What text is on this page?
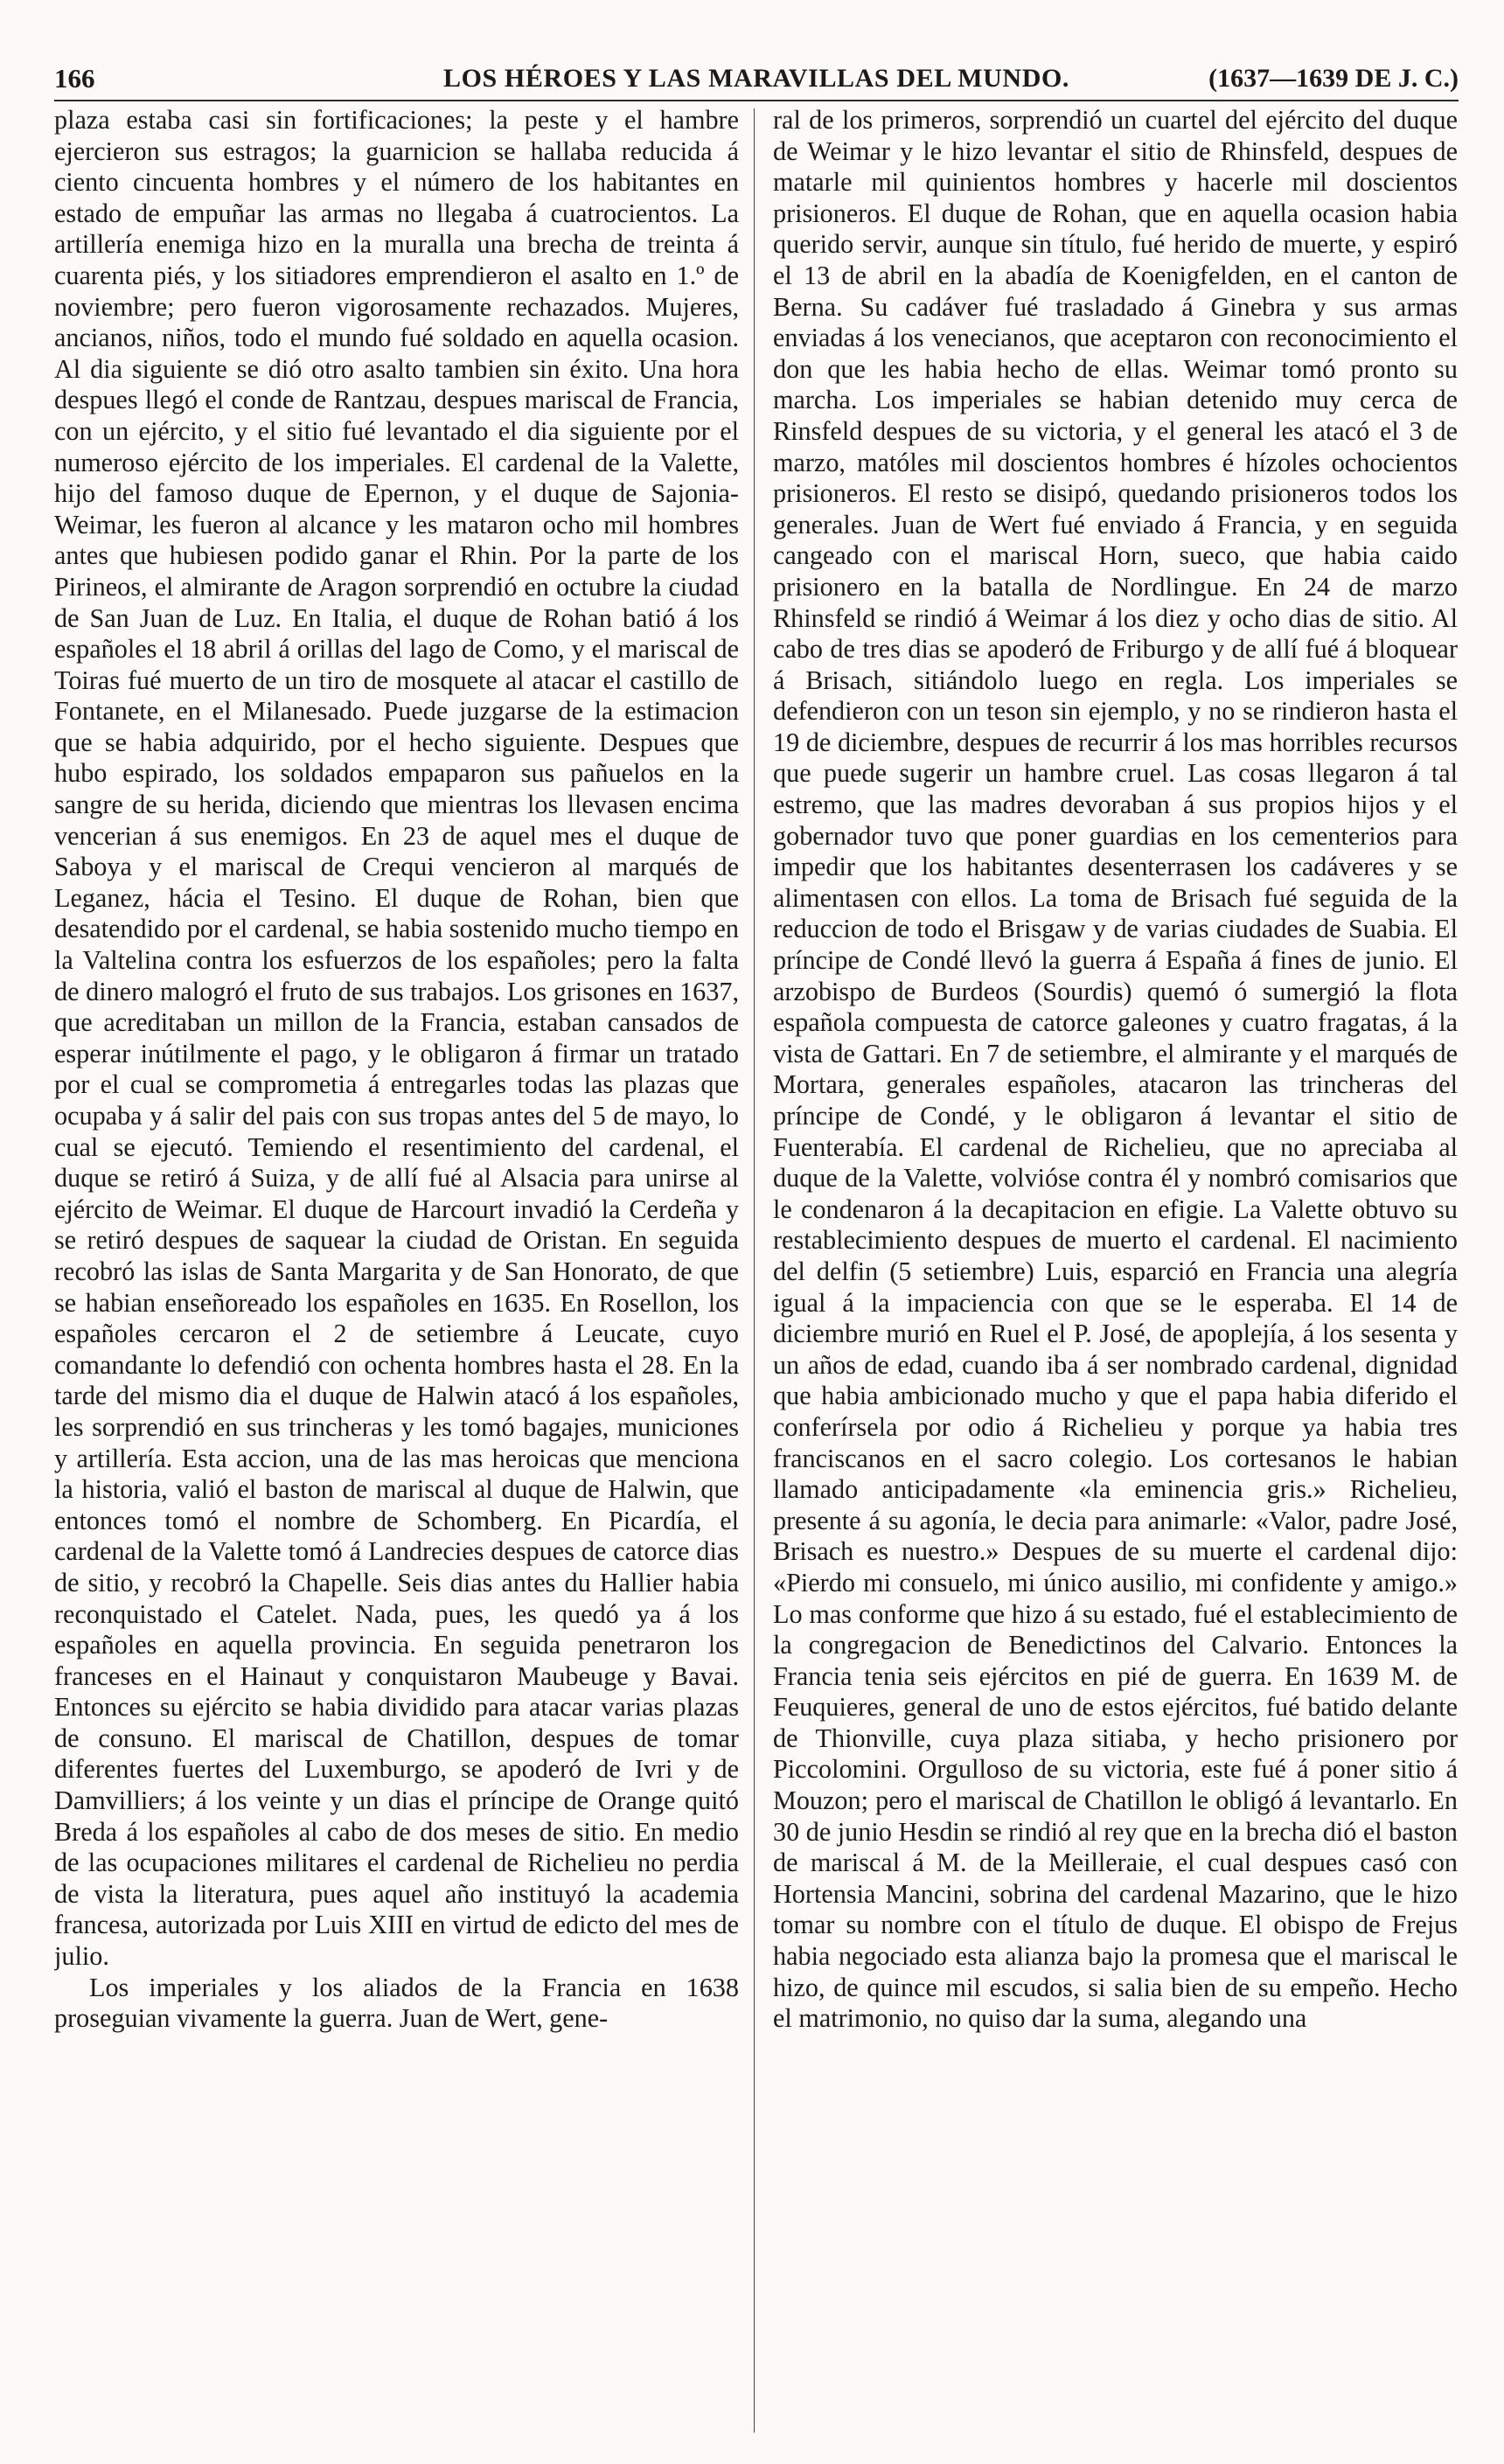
166	LOS HÉROES Y LAS MARAVILLAS DEL MUNDO.	(1637—1639 DE J. C.)

plaza estaba casi sin fortificaciones; la peste y el hambre ejercieron sus estragos; la guarnicion se hallaba reducida á ciento cincuenta hombres y el número de los habitantes en estado de empuñar las armas no llegaba á cuatrocientos. La artillería enemiga hizo en la muralla una brecha de treinta á cuarenta piés, y los sitiadores emprendieron el asalto en 1.º de noviembre; pero fueron vigorosamente rechazados. Mujeres, ancianos, niños, todo el mundo fué soldado en aquella ocasion. Al dia siguiente se dió otro asalto tambien sin éxito. Una hora despues llegó el conde de Rantzau, despues mariscal de Francia, con un ejército, y el sitio fué levantado el dia siguiente por el numeroso ejército de los imperiales. El cardenal de la Valette, hijo del famoso duque de Epernon, y el duque de Sajonia-Weimar, les fueron al alcance y les mataron ocho mil hombres antes que hubiesen podido ganar el Rhin. Por la parte de los Pirineos, el almirante de Aragon sorprendió en octubre la ciudad de San Juan de Luz. En Italia, el duque de Rohan batió á los españoles el 18 abril á orillas del lago de Como, y el mariscal de Toiras fué muerto de un tiro de mosquete al atacar el castillo de Fontanete, en el Milanesado. Puede juzgarse de la estimacion que se habia adquirido, por el hecho siguiente. Despues que hubo espirado, los soldados empaparon sus pañuelos en la sangre de su herida, diciendo que mientras los llevasen encima vencerian á sus enemigos. En 23 de aquel mes el duque de Saboya y el mariscal de Crequi vencieron al marqués de Leganez, hácia el Tesino. El duque de Rohan, bien que desatendido por el cardenal, se habia sostenido mucho tiempo en la Valtelina contra los esfuerzos de los españoles; pero la falta de dinero malogró el fruto de sus trabajos. Los grisones en 1637, que acreditaban un millon de la Francia, estaban cansados de esperar inútilmente el pago, y le obligaron á firmar un tratado por el cual se comprometia á entregarles todas las plazas que ocupaba y á salir del pais con sus tropas antes del 5 de mayo, lo cual se ejecutó. Temiendo el resentimiento del cardenal, el duque se retiró á Suiza, y de allí fué al Alsacia para unirse al ejército de Weimar. El duque de Harcourt invadió la Cerdeña y se retiró despues de saquear la ciudad de Oristan. En seguida recobró las islas de Santa Margarita y de San Honorato, de que se habian enseñoreado los españoles en 1635. En Rosellon, los españoles cercaron el 2 de setiembre á Leucate, cuyo comandante lo defendió con ochenta hombres hasta el 28. En la tarde del mismo dia el duque de Halwin atacó á los españoles, les sorprendió en sus trincheras y les tomó bagajes, municiones y artillería. Esta accion, una de las mas heroicas que menciona la historia, valió el baston de mariscal al duque de Halwin, que entonces tomó el nombre de Schomberg. En Picardía, el cardenal de la Valette tomó á Landrecies despues de catorce dias de sitio, y recobró la Chapelle. Seis dias antes du Hallier habia reconquistado el Catelet. Nada, pues, les quedó ya á los españoles en aquella provincia. En seguida penetraron los franceses en el Hainaut y conquistaron Maubeuge y Bavai. Entonces su ejército se habia dividido para atacar varias plazas de consuno. El mariscal de Chatillon, despues de tomar diferentes fuertes del Luxemburgo, se apoderó de Ivri y de Damvilliers; á los veinte y un dias el príncipe de Orange quitó Breda á los españoles al cabo de dos meses de sitio. En medio de las ocupaciones militares el cardenal de Richelieu no perdia de vista la literatura, pues aquel año instituyó la academia francesa, autorizada por Luis XIII en virtud de edicto del mes de julio.

Los imperiales y los aliados de la Francia en 1638 proseguian vivamente la guerra. Juan de Wert, gene-

ral de los primeros, sorprendió un cuartel del ejército del duque de Weimar y le hizo levantar el sitio de Rhinsfeld, despues de matarle mil quinientos hombres y hacerle mil doscientos prisioneros. El duque de Rohan, que en aquella ocasion habia querido servir, aunque sin título, fué herido de muerte, y espiró el 13 de abril en la abadía de Koenigfelden, en el canton de Berna. Su cadáver fué trasladado á Ginebra y sus armas enviadas á los venecianos, que aceptaron con reconocimiento el don que les habia hecho de ellas. Weimar tomó pronto su marcha. Los imperiales se habian detenido muy cerca de Rinsfeld despues de su victoria, y el general les atacó el 3 de marzo, matóles mil doscientos hombres é hízoles ochocientos prisioneros. El resto se disipó, quedando prisioneros todos los generales. Juan de Wert fué enviado á Francia, y en seguida cangeado con el mariscal Horn, sueco, que habia caido prisionero en la batalla de Nordlingue. En 24 de marzo Rhinsfeld se rindió á Weimar á los diez y ocho dias de sitio. Al cabo de tres dias se apoderó de Friburgo y de allí fué á bloquear á Brisach, sitiándolo luego en regla. Los imperiales se defendieron con un teson sin ejemplo, y no se rindieron hasta el 19 de diciembre, despues de recurrir á los mas horribles recursos que puede sugerir un hambre cruel. Las cosas llegaron á tal estremo, que las madres devoraban á sus propios hijos y el gobernador tuvo que poner guardias en los cementerios para impedir que los habitantes desenterrasen los cadáveres y se alimentasen con ellos. La toma de Brisach fué seguida de la reduccion de todo el Brisgaw y de varias ciudades de Suabia. El príncipe de Condé llevó la guerra á España á fines de junio. El arzobispo de Burdeos (Sourdis) quemó ó sumergió la flota española compuesta de catorce galeones y cuatro fragatas, á la vista de Gattari. En 7 de setiembre, el almirante y el marqués de Mortara, generales españoles, atacaron las trincheras del príncipe de Condé, y le obligaron á levantar el sitio de Fuenterabía. El cardenal de Richelieu, que no apreciaba al duque de la Valette, volvióse contra él y nombró comisarios que le condenaron á la decapitacion en efigie. La Valette obtuvo su restablecimiento despues de muerto el cardenal. El nacimiento del delfin (5 setiembre) Luis, esparció en Francia una alegría igual á la impaciencia con que se le esperaba. El 14 de diciembre murió en Ruel el P. José, de apoplejía, á los sesenta y un años de edad, cuando iba á ser nombrado cardenal, dignidad que habia ambicionado mucho y que el papa habia diferido el conferírsela por odio á Richelieu y porque ya habia tres franciscanos en el sacro colegio. Los cortesanos le habian llamado anticipadamente «la eminencia gris.» Richelieu, presente á su agonía, le decia para animarle: «Valor, padre José, Brisach es nuestro.» Despues de su muerte el cardenal dijo: «Pierdo mi consuelo, mi único ausilio, mi confidente y amigo.» Lo mas conforme que hizo á su estado, fué el establecimiento de la congregacion de Benedictinos del Calvario. Entonces la Francia tenia seis ejércitos en pié de guerra. En 1639 M. de Feuquieres, general de uno de estos ejércitos, fué batido delante de Thionville, cuya plaza sitiaba, y hecho prisionero por Piccolomini. Orgulloso de su victoria, este fué á poner sitio á Mouzon; pero el mariscal de Chatillon le obligó á levantarlo. En 30 de junio Hesdin se rindió al rey que en la brecha dió el baston de mariscal á M. de la Meilleraie, el cual despues casó con Hortensia Mancini, sobrina del cardenal Mazarino, que le hizo tomar su nombre con el título de duque. El obispo de Frejus habia negociado esta alianza bajo la promesa que el mariscal le hizo, de quince mil escudos, si salia bien de su empeño. Hecho el matrimonio, no quiso dar la suma, alegando una
